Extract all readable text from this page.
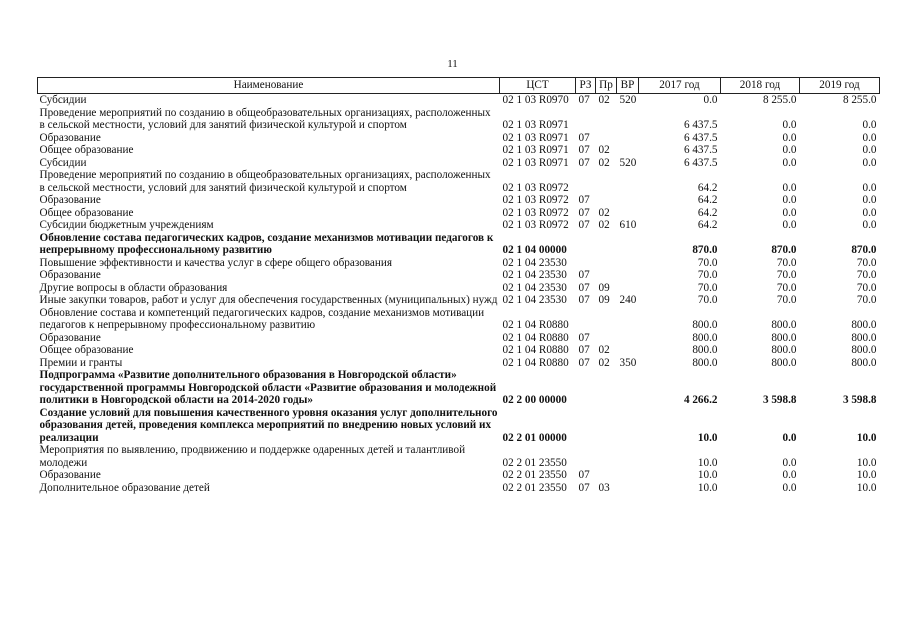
11
Наименование	ЦСТ	РЗ	Пр	ВР	2017 год	2018 год	2019 год
Субсидии	02 1 03 R0970	07	02	520	0.0	8 255.0	8 255.0
Проведение мероприятий по созданию в общеобразовательных организациях, расположенных в сельской местности, условий для занятий физической культурой и спортом	02 1 03 R0971				6 437.5	0.0	0.0
Образование	02 1 03 R0971	07			6 437.5	0.0	0.0
Общее образование	02 1 03 R0971	07	02		6 437.5	0.0	0.0
Субсидии	02 1 03 R0971	07	02	520	6 437.5	0.0	0.0
Проведение мероприятий по созданию в общеобразовательных организациях, расположенных в сельской местности, условий для занятий физической культурой и спортом	02 1 03 R0972				64.2	0.0	0.0
Образование	02 1 03 R0972	07			64.2	0.0	0.0
Общее образование	02 1 03 R0972	07	02		64.2	0.0	0.0
Субсидии бюджетным учреждениям	02 1 03 R0972	07	02	610	64.2	0.0	0.0
Обновление состава педагогических кадров, создание механизмов мотивации педагогов к непрерывному профессиональному развитию	02 1 04 00000				870.0	870.0	870.0
Повышение эффективности и качества услуг в сфере общего образования	02 1 04 23530				70.0	70.0	70.0
Образование	02 1 04 23530	07			70.0	70.0	70.0
Другие вопросы в области образования	02 1 04 23530	07	09		70.0	70.0	70.0
Иные закупки товаров, работ и услуг для обеспечения государственных (муниципальных) нужд	02 1 04 23530	07	09	240	70.0	70.0	70.0
Обновление состава и компетенций педагогических кадров, создание механизмов мотивации педагогов к непрерывному профессиональному развитию	02 1 04 R0880				800.0	800.0	800.0
Образование	02 1 04 R0880	07			800.0	800.0	800.0
Общее образование	02 1 04 R0880	07	02		800.0	800.0	800.0
Премии и гранты	02 1 04 R0880	07	02	350	800.0	800.0	800.0
Подпрограмма «Развитие дополнительного образования в Новгородской области» государственной программы Новгородской области «Развитие образования и молодежной политики в Новгородской области на 2014-2020 годы»	02 2 00 00000				4 266.2	3 598.8	3 598.8
Создание условий для повышения качественного уровня оказания услуг дополнительного образования детей, проведения комплекса мероприятий по внедрению новых условий их реализации	02 2 01 00000				10.0	0.0	10.0
Мероприятия по выявлению, продвижению и поддержке одаренных детей и талантливой молодежи	02 2 01 23550				10.0	0.0	10.0
Образование	02 2 01 23550	07			10.0	0.0	10.0
Дополнительное образование детей	02 2 01 23550	07	03		10.0	0.0	10.0
